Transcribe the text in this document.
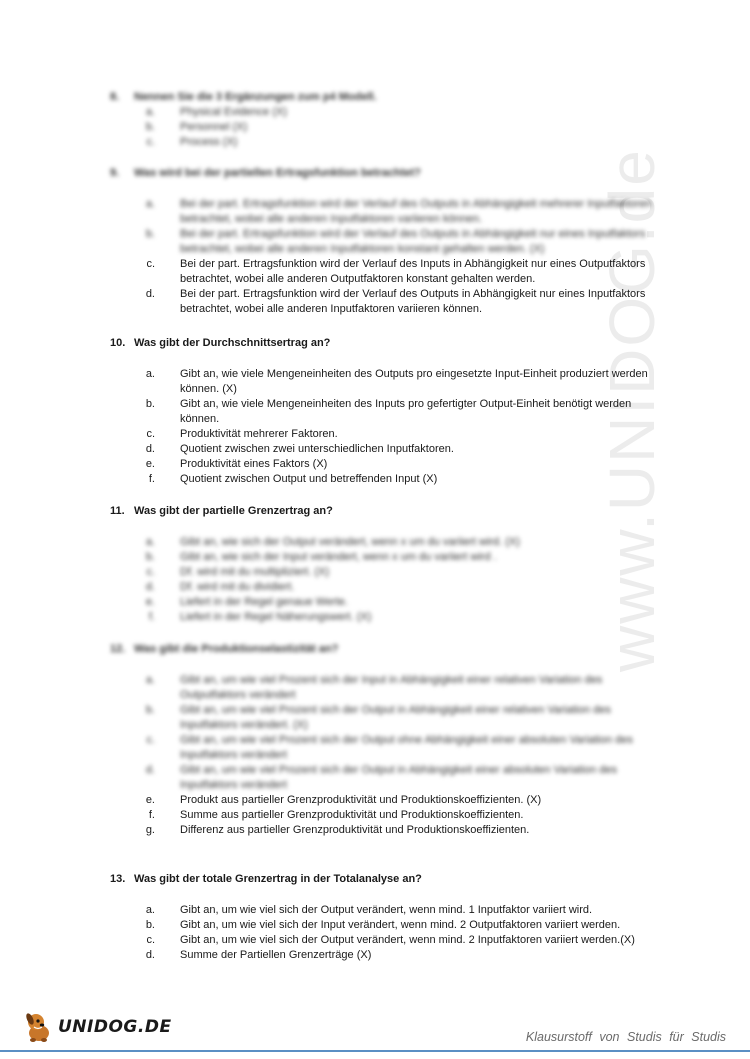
www.UNIDOG.de
8.	Nennen Sie die 3 Ergänzungen zum p4 Modell.
a.	Physical Evidence (X)
b.	Personnel (X)
c.	Process (X)
9.	Was wird bei der partiellen Ertragsfunktion betrachtet?
a.	Bei der part. Ertragsfunktion wird der Verlauf des Outputs in Abhängigkeit mehrerer Inputfaktoren betrachtet, wobei alle anderen Inputfaktoren variieren können.
b.	Bei der part. Ertragsfunktion wird der Verlauf des Outputs in Abhängigkeit nur eines Inputfaktors betrachtet, wobei alle anderen Inputfaktoren konstant gehalten werden. (X)
c.	Bei der part. Ertragsfunktion wird der Verlauf des Inputs in Abhängigkeit nur eines Outputfaktors betrachtet, wobei alle anderen Outputfaktoren konstant gehalten werden.
d.	Bei der part. Ertragsfunktion wird der Verlauf des Outputs in Abhängigkeit nur eines Inputfaktors betrachtet, wobei alle anderen Inputfaktoren variieren können.
10. Was gibt der Durchschnittsertrag an?
a.	Gibt an, wie viele Mengeneinheiten des Outputs pro eingesetzte Input-Einheit produziert werden können. (X)
b.	Gibt an, wie viele Mengeneinheiten des Inputs pro gefertigter Output-Einheit benötigt werden können.
c.	Produktivität mehrerer Faktoren.
d.	Quotient zwischen zwei unterschiedlichen Inputfaktoren.
e.	Produktivität eines Faktors (X)
f.	Quotient zwischen Output und betreffenden Input (X)
11. Was gibt der partielle Grenzertrag an?
a.	Gibt an, wie sich der Output verändert, wenn x um du variiert wird. (X)
b.	Gibt an, wie sich der Input verändert, wenn x um du variiert wird .
c.	Df. wird mit du multipliziert. (X)
d.	Df. wird mit du dividiert.
e.	Liefert in der Regel genaue Werte.
f.	Liefert in der Regel Näherungswert. (X)
12. Was gibt die Produktionselastizität an?
a.	Gibt an, um wie viel Prozent sich der Input in Abhängigkeit einer relativen Variation des Outputfaktors verändert
b.	Gibt an, um wie viel Prozent sich der Output in Abhängigkeit einer relativen Variation des Inputfaktors verändert. (X)
c.	Gibt an, um wie viel Prozent sich der Output ohne Abhängigkeit einer absoluten Variation des Inputfaktors verändert
d.	Gibt an, um wie viel Prozent sich der Output in Abhängigkeit einer absoluten Variation des Inputfaktors verändert
e.	Produkt aus partieller Grenzproduktivität und Produktionskoeffizienten. (X)
f.	Summe aus partieller Grenzproduktivität und Produktionskoeffizienten.
g.	Differenz aus partieller Grenzproduktivität und Produktionskoeffizienten.
13. Was gibt der totale Grenzertrag in der Totalanalyse an?
a.	Gibt an, um wie viel sich der Output verändert, wenn mind. 1 Inputfaktor variiert wird.
b.	Gibt an, um wie viel sich der Input verändert, wenn mind. 2 Outputfaktoren variiert werden.
c.	Gibt an, um wie viel sich der Output verändert, wenn mind. 2 Inputfaktoren variiert werden.(X)
d.	Summe der Partiellen Grenzerträge (X)
UNIDOG.DE
Klausurstoff von Studis für Studis
